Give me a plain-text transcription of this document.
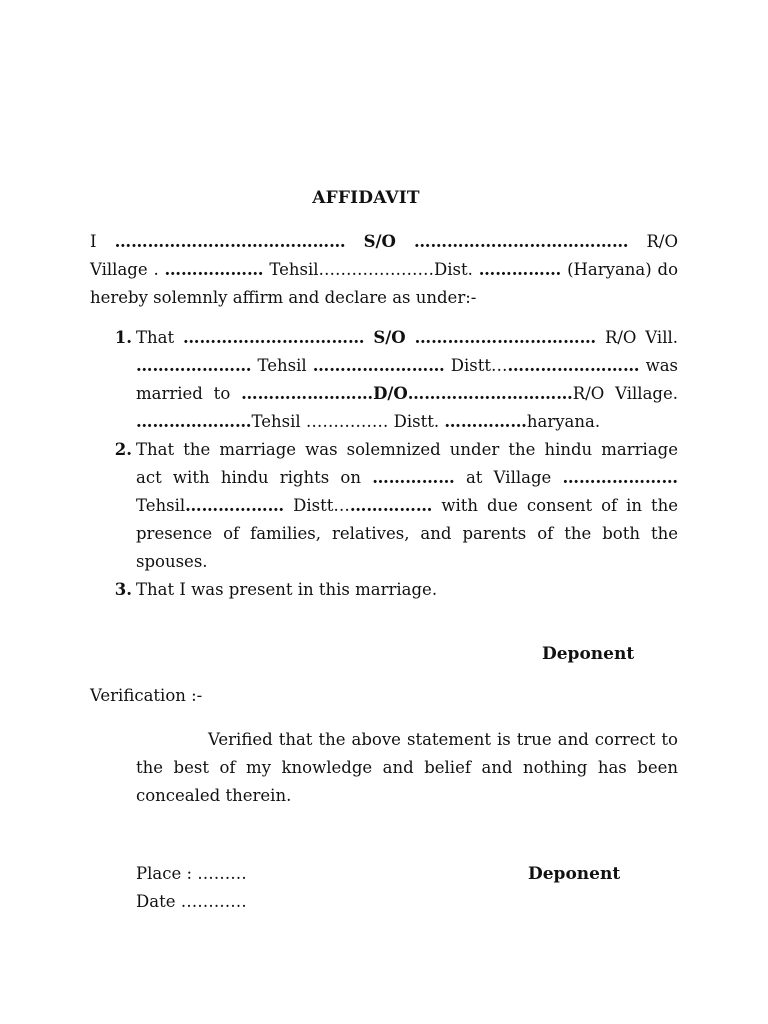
AFFIDAVIT
I …………………………………… S/O ………………………………… R/O Village . ……………… Tehsil…………………Dist. …………… (Haryana) do hereby solemnly affirm and declare as under:-
1. That …………………………… S/O …………………………… R/O Vill. ………………… Tehsil …………………… Distt……………………… was married to ……………………D/O…………………………R/O Village. …………………Tehsil …………… Distt. ……………haryana.
2. That the marriage was solemnized under the hindu marriage act with hindu rights on …………… at Village ………………… Tehsil……………… Distt……………… with due consent of in the presence of families, relatives, and parents of the both the spouses.
3. That I was present in this marriage.
Deponent
Verification :-
Verified that the above statement is true and correct to the best of my knowledge and belief and nothing has been concealed therein.
Place : ………
Date …………
Deponent
